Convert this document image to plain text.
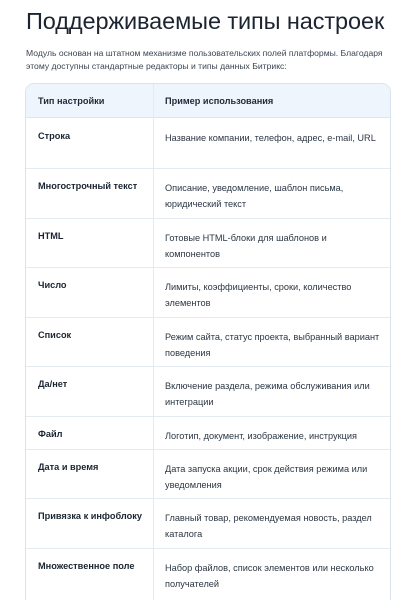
Поддерживаемые типы настроек

Модуль основан на штатном механизме пользовательских полей платформы. Благодаря этому доступны стандартные редакторы и типы данных Битрикс:

Тип настройки	Пример использования
Строка	Название компании, телефон, адрес, e-mail, URL
Многострочный текст	Описание, уведомление, шаблон письма, юридический текст
HTML	Готовые HTML-блоки для шаблонов и компонентов
Число	Лимиты, коэффициенты, сроки, количество элементов
Список	Режим сайта, статус проекта, выбранный вариант поведения
Да/нет	Включение раздела, режима обслуживания или интеграции
Файл	Логотип, документ, изображение, инструкция
Дата и время	Дата запуска акции, срок действия режима или уведомления
Привязка к инфоблоку	Главный товар, рекомендуемая новость, раздел каталога
Множественное поле	Набор файлов, список элементов или несколько получателей
